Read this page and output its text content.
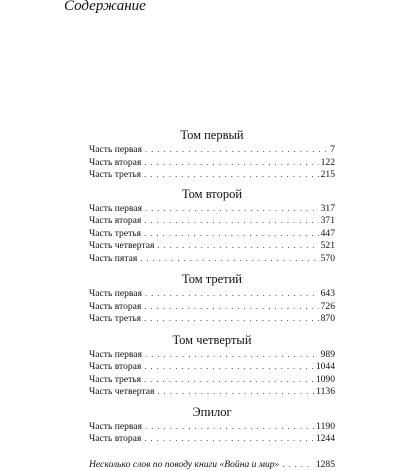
Содержание
Том первый
Часть первая . . .	7
Часть вторая . . .	122
Часть третья . . .	215
Том второй
Часть первая . . .	317
Часть вторая . . .	371
Часть третья . . .	447
Часть четвертая . . .	521
Часть пятая . . .	570
Том третий
Часть первая . . .	643
Часть вторая . . .	726
Часть третья . . .	870
Том четвертый
Часть первая . . .	989
Часть вторая . . .	1044
Часть третья . . .	1090
Часть четвертая . . .	1136
Эпилог
Часть первая . . .	1190
Часть вторая . . .	1244
Несколько слов по поводу книги «Война и мир» . . .	1285
